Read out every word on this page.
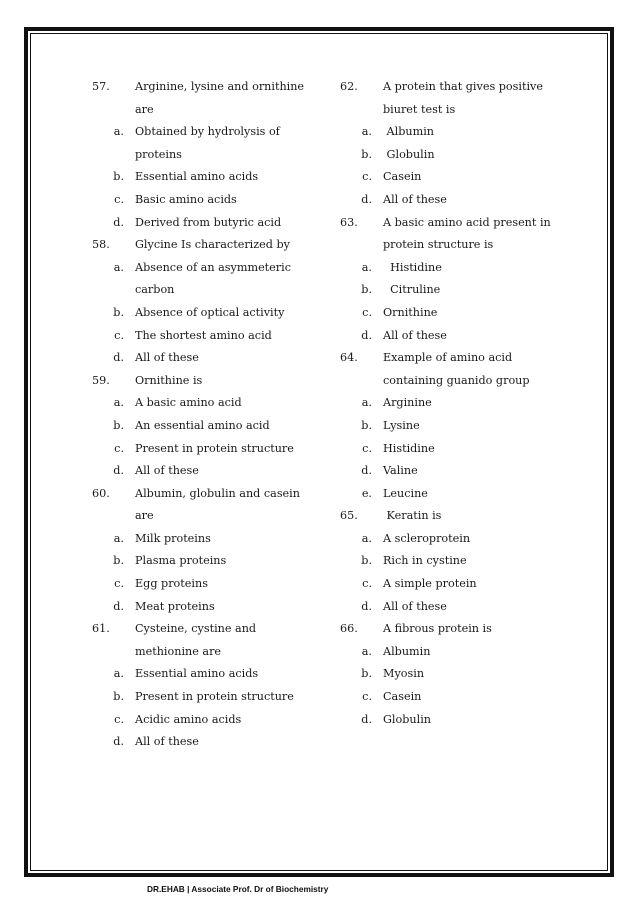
57. Arginine, lysine and ornithine
are
a. Obtained by hydrolysis of
proteins
b. Essential amino acids
c. Basic amino acids
d. Derived from butyric acid
58. Glycine Is characterized by
a. Absence of an asymmeteric
carbon
b. Absence of optical activity
c. The shortest amino acid
d. All of these
59. Ornithine is
a. A basic amino acid
b. An essential amino acid
c. Present in protein structure
d. All of these
60. Albumin, globulin and casein
are
a. Milk proteins
b. Plasma proteins
c. Egg proteins
d. Meat proteins
61. Cysteine, cystine and
methionine are
a. Essential amino acids
b. Present in protein structure
c. Acidic amino acids
d. All of these
62. A protein that gives positive
biuret test is
a. Albumin
b. Globulin
c. Casein
d. All of these
63. A basic amino acid present in
protein structure is
a. Histidine
b. Citruline
c. Ornithine
d. All of these
64. Example of amino acid
containing guanido group
a. Arginine
b. Lysine
c. Histidine
d. Valine
e. Leucine
65. Keratin is
a. A scleroprotein
b. Rich in cystine
c. A simple protein
d. All of these
66. A fibrous protein is
a. Albumin
b. Myosin
c. Casein
d. Globulin
DR.EHAB | Associate Prof. Dr of Biochemistry
